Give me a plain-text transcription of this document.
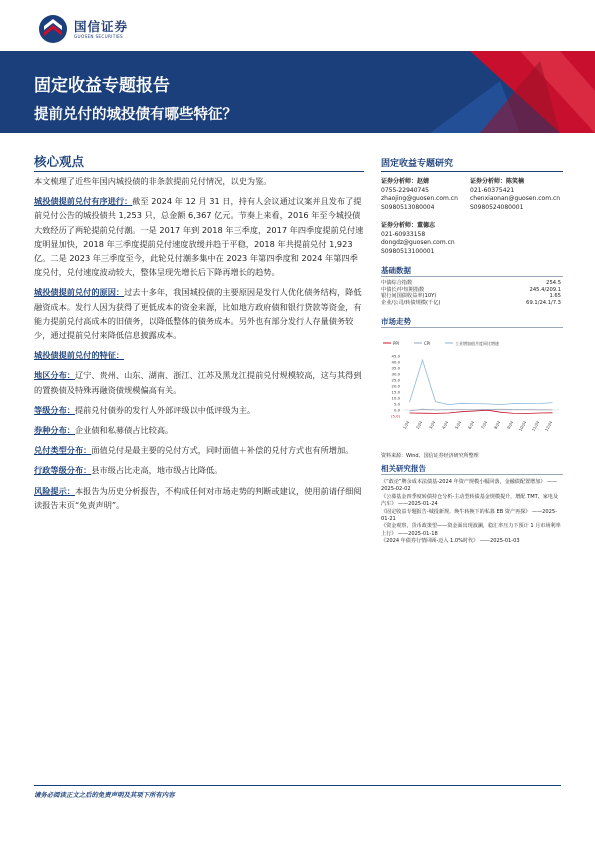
国信证券
GUOSEN SECURITIES
固定收益专题报告
提前兑付的城投债有哪些特征？
核心观点

本文梳理了近些年国内城投债的非条款提前兑付情况，以史为鉴。

城投债提前兑付有序进行：截至 2024 年 12 月 31 日，持有人会议通过议案并且发布了提前兑付公告的城投债共 1,253 只，总金额 6,367 亿元。节奏上来看，2016 年至今城投债大致经历了两轮提前兑付潮。一是 2017 年到 2018 年三季度，2017 年四季度提前兑付速度明显加快，2018 年三季度提前兑付速度放缓并趋于平稳，2018 年共提前兑付 1,923 亿。二是 2023 年三季度至今，此轮兑付潮多集中在 2023 年第四季度和 2024 年第四季度兑付，兑付速度波动较大，整体呈现先增长后下降再增长的趋势。

城投债提前兑付的原因：过去十多年，我国城投债的主要原因是发行人优化债务结构，降低融资成本。发行人因为获得了更低成本的资金来源，比如地方政府债和银行贷款等资金，有能力提前兑付高成本的旧债务，以降低整体的债务成本。另外也有部分发行人存量债务较少，通过提前兑付来降低信息披露成本。

城投债提前兑付的特征：

地区分布：辽宁、贵州、山东、湖南、浙江、江苏及黑龙江提前兑付规模较高，这与其得到的置换债及特殊再融资债规模偏高有关。

等级分布：提前兑付债券的发行人外部评级以中低评级为主。

券种分布：企业债和私募债占比较高。

兑付类型分布：面值兑付是最主要的兑付方式，同时面值＋补偿的兑付方式也有所增加。

行政等级分布：县市级占比走高，地市级占比降低。

风险提示：本报告为历史分析报告，不构成任何对市场走势的判断或建议，使用前请仔细阅读报告末页“免责声明”。

固定收益专题研究
证券分析师：赵婧
0755-22940745
zhaojing@guosen.com.cn
S0980513080004
证券分析师：陈笑楠
021-60375421
chenxiaonan@guosen.com.cn
S0980524080001
证券分析师：董德志
021-60933158
dongdz@guosen.com.cn
S0980513100001
基础数据
中债综合指数	254.5
中债长/中短期指数	245.4/209.1
银行间国债收益率(10Y)	1.65
企业/公司/转债规模(千亿)	69.1/24.1/7.3
市场走势
PPI	CPI	工业增加值月度同比增速
(5.0)
0.0
5.0
10.0
15.0
20.0
25.0
30.0
35.0
40.0
45.0
1/24 2/24 3/24 4/24 5/24 6/24 7/24 8/24 9/24 10/24 11/24 12/24
资料来源：Wind、国信证券经济研究所整理
相关研究报告

《“敢论”牌余成本法债基-2024 年资产规模小幅回落，金融债配置增加》 ——2025-02-02

《公募基金四季度转债持仓分析-主动型转债基金规模提升，增配 TMT、家电及汽车》 ——2025-01-24

《固定收益专题报告-城投新规、焕牛转换下的私募 EB 资产再探》 ——2025-01-21

《资金观察，货币政策望——资金面出现波澜，稳汇率压力下预计 1 月市场利率上行》 ——2025-01-18

《2024 年债券行情回顾-迈入 1.0%时代》 ——2025-01-03

请务必阅读正文之后的免责声明及其项下所有内容
